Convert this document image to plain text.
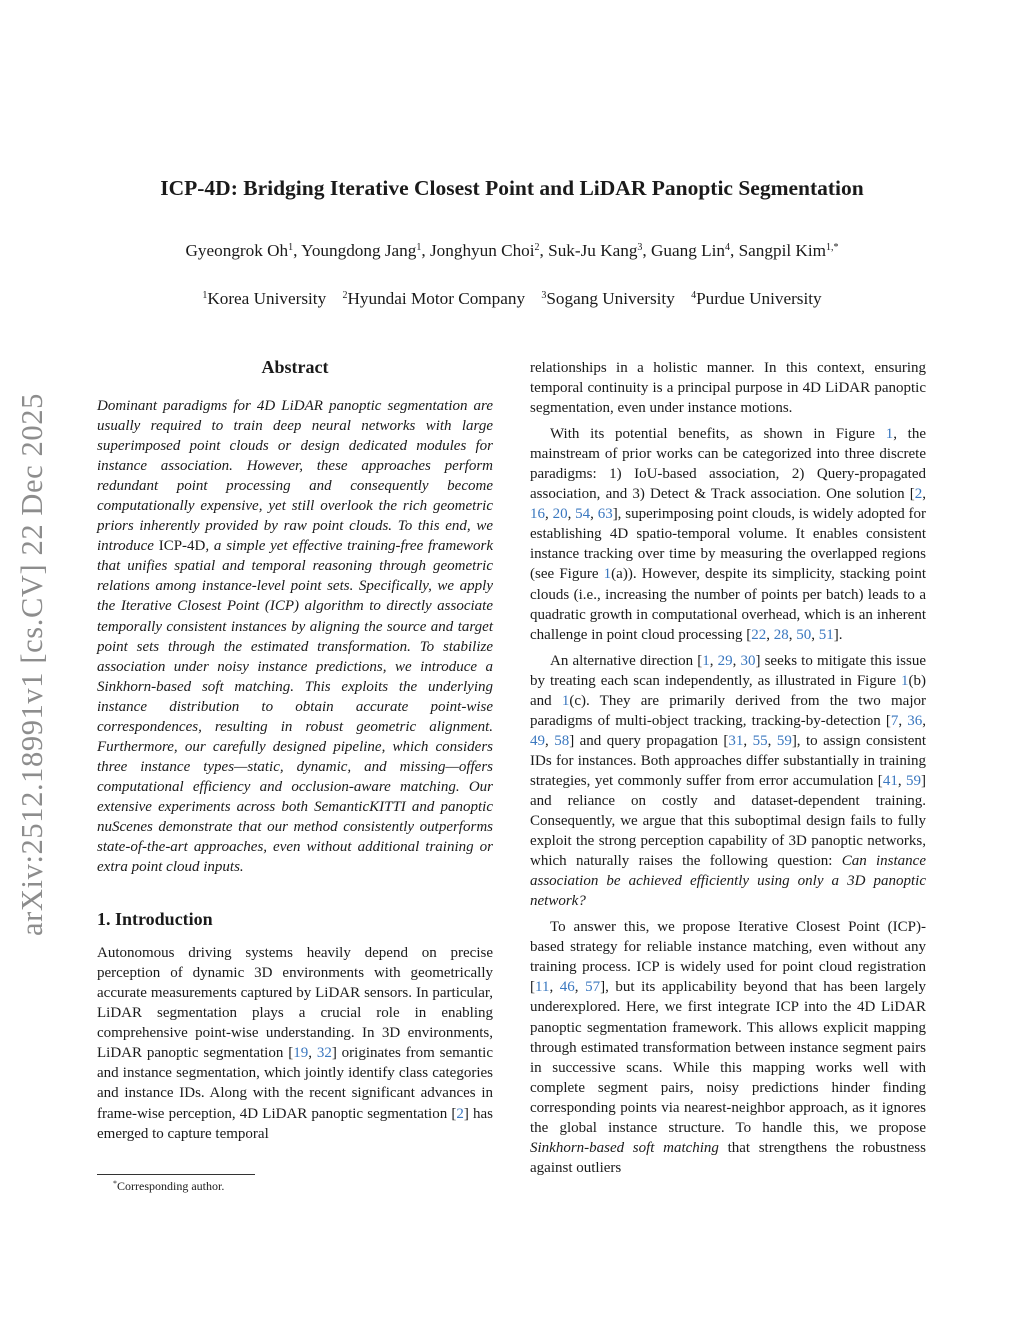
arXiv:2512.18991v1 [cs.CV] 22 Dec 2025
ICP-4D: Bridging Iterative Closest Point and LiDAR Panoptic Segmentation
Gyeongrok Oh$^1$, Youngdong Jang$^1$, Jonghyun Choi$^2$, Suk-Ju Kang$^3$, Guang Lin$^4$, Sangpil Kim$^{1,*}$
$^1$Korea University $^2$Hyundai Motor Company $^3$Sogang University $^4$Purdue University
Abstract

Dominant paradigms for 4D LiDAR panoptic segmentation are usually required to train deep neural networks with large superimposed point clouds or design dedicated modules for instance association. However, these approaches perform redundant point processing and consequently become computationally expensive, yet still overlook the rich geometric priors inherently provided by raw point clouds. To this end, we introduce ICP-4D, a simple yet effective training-free framework that unifies spatial and temporal reasoning through geometric relations among instance-level point sets. Specifically, we apply the Iterative Closest Point (ICP) algorithm to directly associate temporally consistent instances by aligning the source and target point sets through the estimated transformation. To stabilize association under noisy instance predictions, we introduce a Sinkhorn-based soft matching. This exploits the underlying instance distribution to obtain accurate point-wise correspondences, resulting in robust geometric alignment. Furthermore, our carefully designed pipeline, which considers three instance types—static, dynamic, and missing—offers computational efficiency and occlusion-aware matching. Our extensive experiments across both SemanticKITTI and panoptic nuScenes demonstrate that our method consistently outperforms state-of-the-art approaches, even without additional training or extra point cloud inputs.

1. Introduction

Autonomous driving systems heavily depend on precise perception of dynamic 3D environments with geometrically accurate measurements captured by LiDAR sensors. In particular, LiDAR segmentation plays a crucial role in enabling comprehensive point-wise understanding. In 3D environments, LiDAR panoptic segmentation [19, 32] originates from semantic and instance segmentation, which jointly identify class categories and instance IDs. Along with the recent significant advances in frame-wise perception, 4D LiDAR panoptic segmentation [2] has emerged to capture temporal

relationships in a holistic manner. In this context, ensuring temporal continuity is a principal purpose in 4D LiDAR panoptic segmentation, even under instance motions.

With its potential benefits, as shown in Figure 1, the mainstream of prior works can be categorized into three discrete paradigms: 1) IoU-based association, 2) Query-propagated association, and 3) Detect & Track association. One solution [2, 16, 20, 54, 63], superimposing point clouds, is widely adopted for establishing 4D spatio-temporal volume. It enables consistent instance tracking over time by measuring the overlapped regions (see Figure 1(a)). However, despite its simplicity, stacking point clouds (i.e., increasing the number of points per batch) leads to a quadratic growth in computational overhead, which is an inherent challenge in point cloud processing [22, 28, 50, 51].

An alternative direction [1, 29, 30] seeks to mitigate this issue by treating each scan independently, as illustrated in Figure 1(b) and 1(c). They are primarily derived from the two major paradigms of multi-object tracking, tracking-by-detection [7, 36, 49, 58] and query propagation [31, 55, 59], to assign consistent IDs for instances. Both approaches differ substantially in training strategies, yet commonly suffer from error accumulation [41, 59] and reliance on costly and dataset-dependent training. Consequently, we argue that this suboptimal design fails to fully exploit the strong perception capability of 3D panoptic networks, which naturally raises the following question: Can instance association be achieved efficiently using only a 3D panoptic network?

To answer this, we propose Iterative Closest Point (ICP)-based strategy for reliable instance matching, even without any training process. ICP is widely used for point cloud registration [11, 46, 57], but its applicability beyond that has been largely underexplored. Here, we first integrate ICP into the 4D LiDAR panoptic segmentation framework. This allows explicit mapping through estimated transformation between instance segment pairs in successive scans. While this mapping works well with complete segment pairs, noisy predictions hinder finding corresponding points via nearest-neighbor approach, as it ignores the global instance structure. To handle this, we propose Sinkhorn-based soft matching that strengthens the robustness against outliers

*Corresponding author.
